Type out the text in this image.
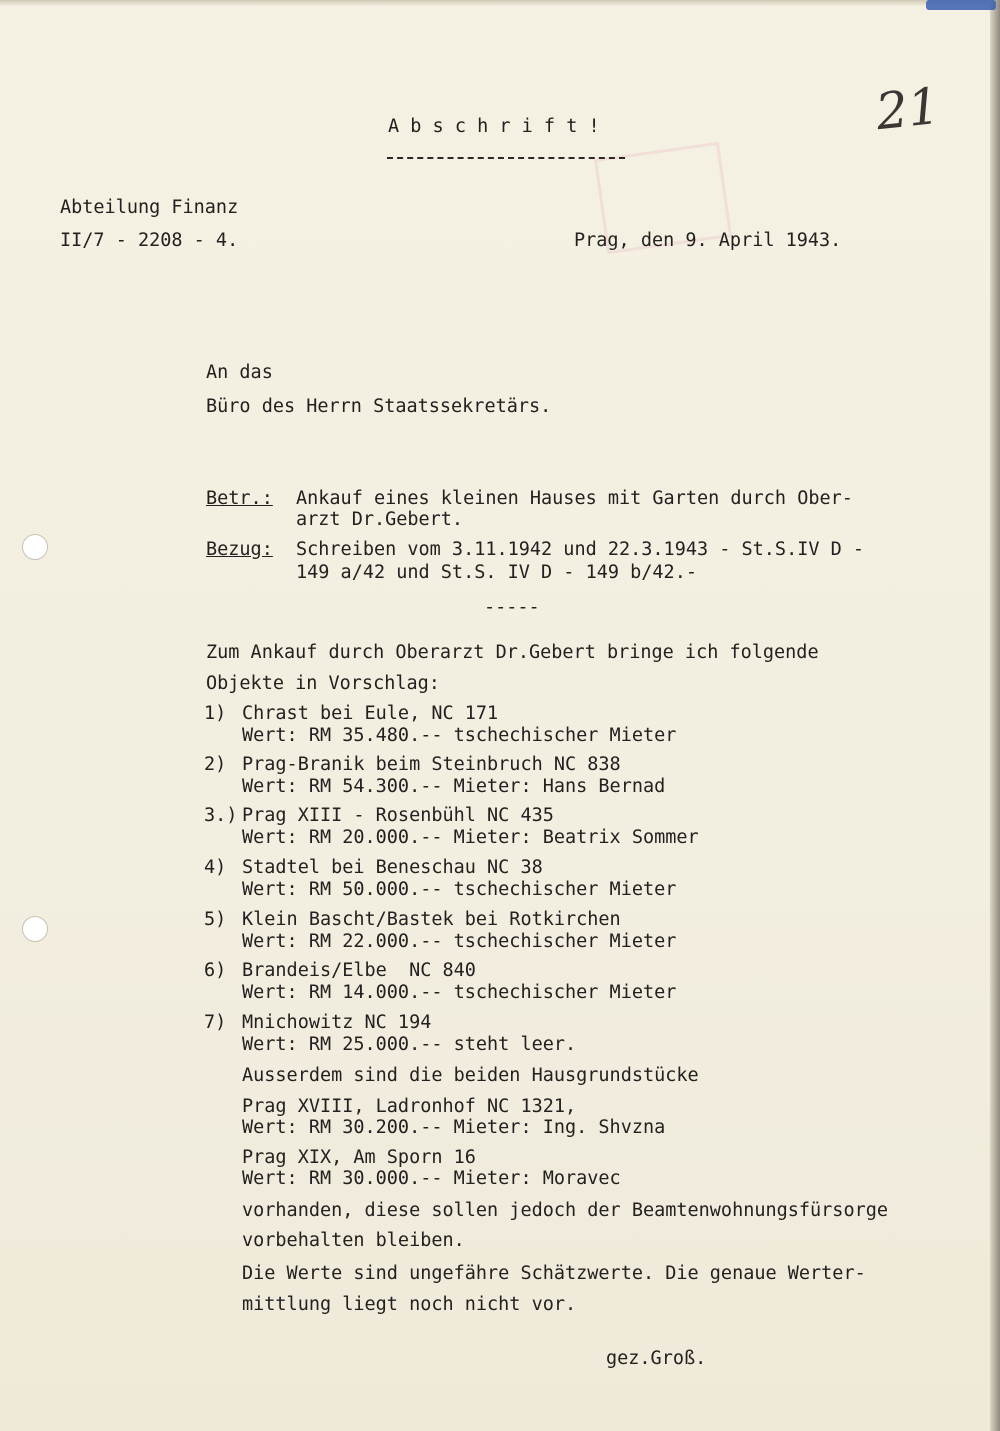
21
A b s c h r i f t !
Abteilung Finanz
II/7 - 2208 - 4.	Prag, den 9. April 1943.
An das
Büro des Herrn Staatssekretärs.
Betr.: Ankauf eines kleinen Hauses mit Garten durch Ober-
arzt Dr.Gebert.
Bezug: Schreiben vom 3.11.1942 und 22.3.1943 - St.S.IV D -
149 a/42 und St.S. IV D - 149 b/42.-
-----
Zum Ankauf durch Oberarzt Dr.Gebert bringe ich folgende
Objekte in Vorschlag:
1) Chrast bei Eule, NC 171
Wert: RM 35.480.-- tschechischer Mieter
2) Prag-Branik beim Steinbruch NC 838
Wert: RM 54.300.-- Mieter: Hans Bernad
3.) Prag XIII - Rosenbühl NC 435
Wert: RM 20.000.-- Mieter: Beatrix Sommer
4) Stadtel bei Beneschau NC 38
Wert: RM 50.000.-- tschechischer Mieter
5) Klein Bascht/Bastek bei Rotkirchen
Wert: RM 22.000.-- tschechischer Mieter
6) Brandeis/Elbe  NC 840
Wert: RM 14.000.-- tschechischer Mieter
7) Mnichowitz NC 194
Wert: RM 25.000.-- steht leer.
Ausserdem sind die beiden Hausgrundstücke
Prag XVIII, Ladronhof NC 1321,
Wert: RM 30.200.-- Mieter: Ing. Shvzna
Prag XIX, Am Sporn 16
Wert: RM 30.000.-- Mieter: Moravec
vorhanden, diese sollen jedoch der Beamtenwohnungsfürsorge
vorbehalten bleiben.
Die Werte sind ungefähre Schätzwerte. Die genaue Werter-
mittlung liegt noch nicht vor.
gez.Groß.
